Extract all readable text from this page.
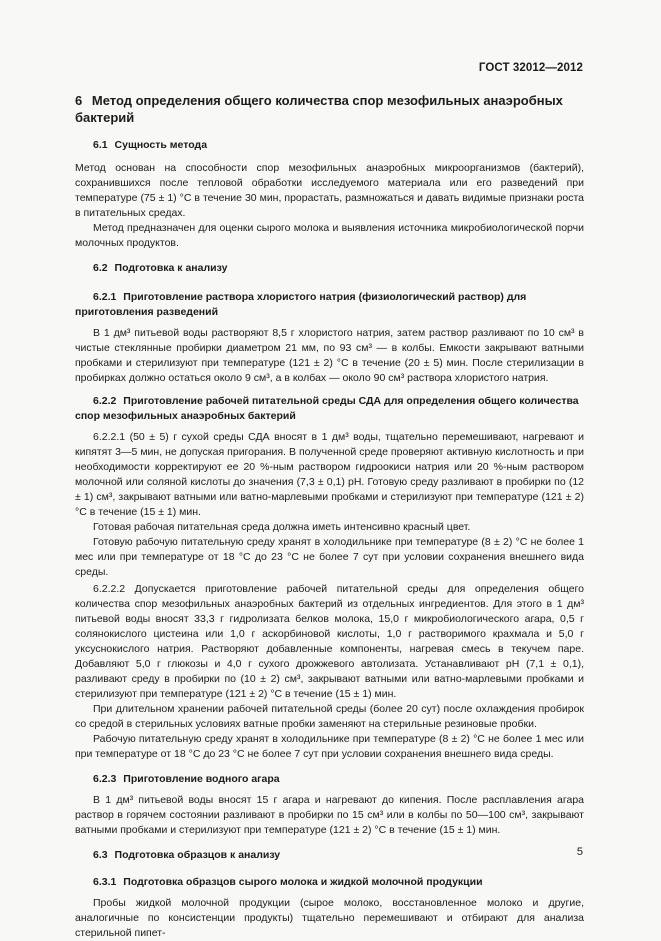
ГОСТ 32012—2012
6 Метод определения общего количества спор мезофильных анаэробных бактерий
6.1 Сущность метода

Метод основан на способности спор мезофильных анаэробных микроорганизмов (бактерий), сохранившихся после тепловой обработки исследуемого материала или его разведений при температуре (75 ± 1) °С в течение 30 мин, прорастать, размножаться и давать видимые признаки роста в питательных средах.

Метод предназначен для оценки сырого молока и выявления источника микробиологической порчи молочных продуктов.

6.2 Подготовка к анализу
6.2.1 Приготовление раствора хлористого натрия (физиологический раствор) для приготовления разведений

В 1 дм³ питьевой воды растворяют 8,5 г хлористого натрия, затем раствор разливают по 10 см³ в чистые стеклянные пробирки диаметром 21 мм, по 93 см³ — в колбы. Емкости закрывают ватными пробками и стерилизуют при температуре (121 ± 2) °С в течение (20 ± 5) мин. После стерилизации в пробирках должно остаться около 9 см³, а в колбах — около 90 см³ раствора хлористого натрия.

6.2.2 Приготовление рабочей питательной среды СДА для определения общего количества спор мезофильных анаэробных бактерий

6.2.2.1 (50 ± 5) г сухой среды СДА вносят в 1 дм³ воды, тщательно перемешивают, нагревают и кипятят 3—5 мин, не допуская пригорания. В полученной среде проверяют активную кислотность и при необходимости корректируют ее 20 %-ным раствором гидроокиси натрия или 20 %-ным раствором молочной или соляной кислоты до значения (7,3 ± 0,1) рН. Готовую среду разливают в пробирки по (12 ± 1) см³, закрывают ватными или ватно-марлевыми пробками и стерилизуют при температуре (121 ± 2) °С в течение (15 ± 1) мин.

Готовая рабочая питательная среда должна иметь интенсивно красный цвет.

Готовую рабочую питательную среду хранят в холодильнике при температуре (8 ± 2) °С не более 1 мес или при температуре от 18 °С до 23 °С не более 7 сут при условии сохранения внешнего вида среды.

6.2.2.2 Допускается приготовление рабочей питательной среды для определения общего количества спор мезофильных анаэробных бактерий из отдельных ингредиентов. Для этого в 1 дм³ питьевой воды вносят 33,3 г гидролизата белков молока, 15,0 г микробиологического агара, 0,5 г солянокислого цистеина или 1,0 г аскорбиновой кислоты, 1,0 г растворимого крахмала и 5,0 г уксуснокислого натрия. Растворяют добавленные компоненты, нагревая смесь в текучем паре. Добавляют 5,0 г глюкозы и 4,0 г сухого дрожжевого автолизата. Устанавливают рН (7,1 ± 0,1), разливают среду в пробирки по (10 ± 2) см³, закрывают ватными или ватно-марлевыми пробками и стерилизуют при температуре (121 ± 2) °С в течение (15 ± 1) мин.

При длительном хранении рабочей питательной среды (более 20 сут) после охлаждения пробирок со средой в стерильных условиях ватные пробки заменяют на стерильные резиновые пробки.

Рабочую питательную среду хранят в холодильнике при температуре (8 ± 2) °С не более 1 мес или при температуре от 18 °С до 23 °С не более 7 сут при условии сохранения внешнего вида среды.

6.2.3 Приготовление водного агара

В 1 дм³ питьевой воды вносят 15 г агара и нагревают до кипения. После расплавления агара раствор в горячем состоянии разливают в пробирки по 15 см³ или в колбы по 50—100 см³, закрывают ватными пробками и стерилизуют при температуре (121 ± 2) °С в течение (15 ± 1) мин.

6.3 Подготовка образцов к анализу
6.3.1 Подготовка образцов сырого молока и жидкой молочной продукции

Пробы жидкой молочной продукции (сырое молоко, восстановленное молоко и другие, аналогичные по консистенции продукты) тщательно перемешивают и отбирают для анализа стерильной пипет-

5
